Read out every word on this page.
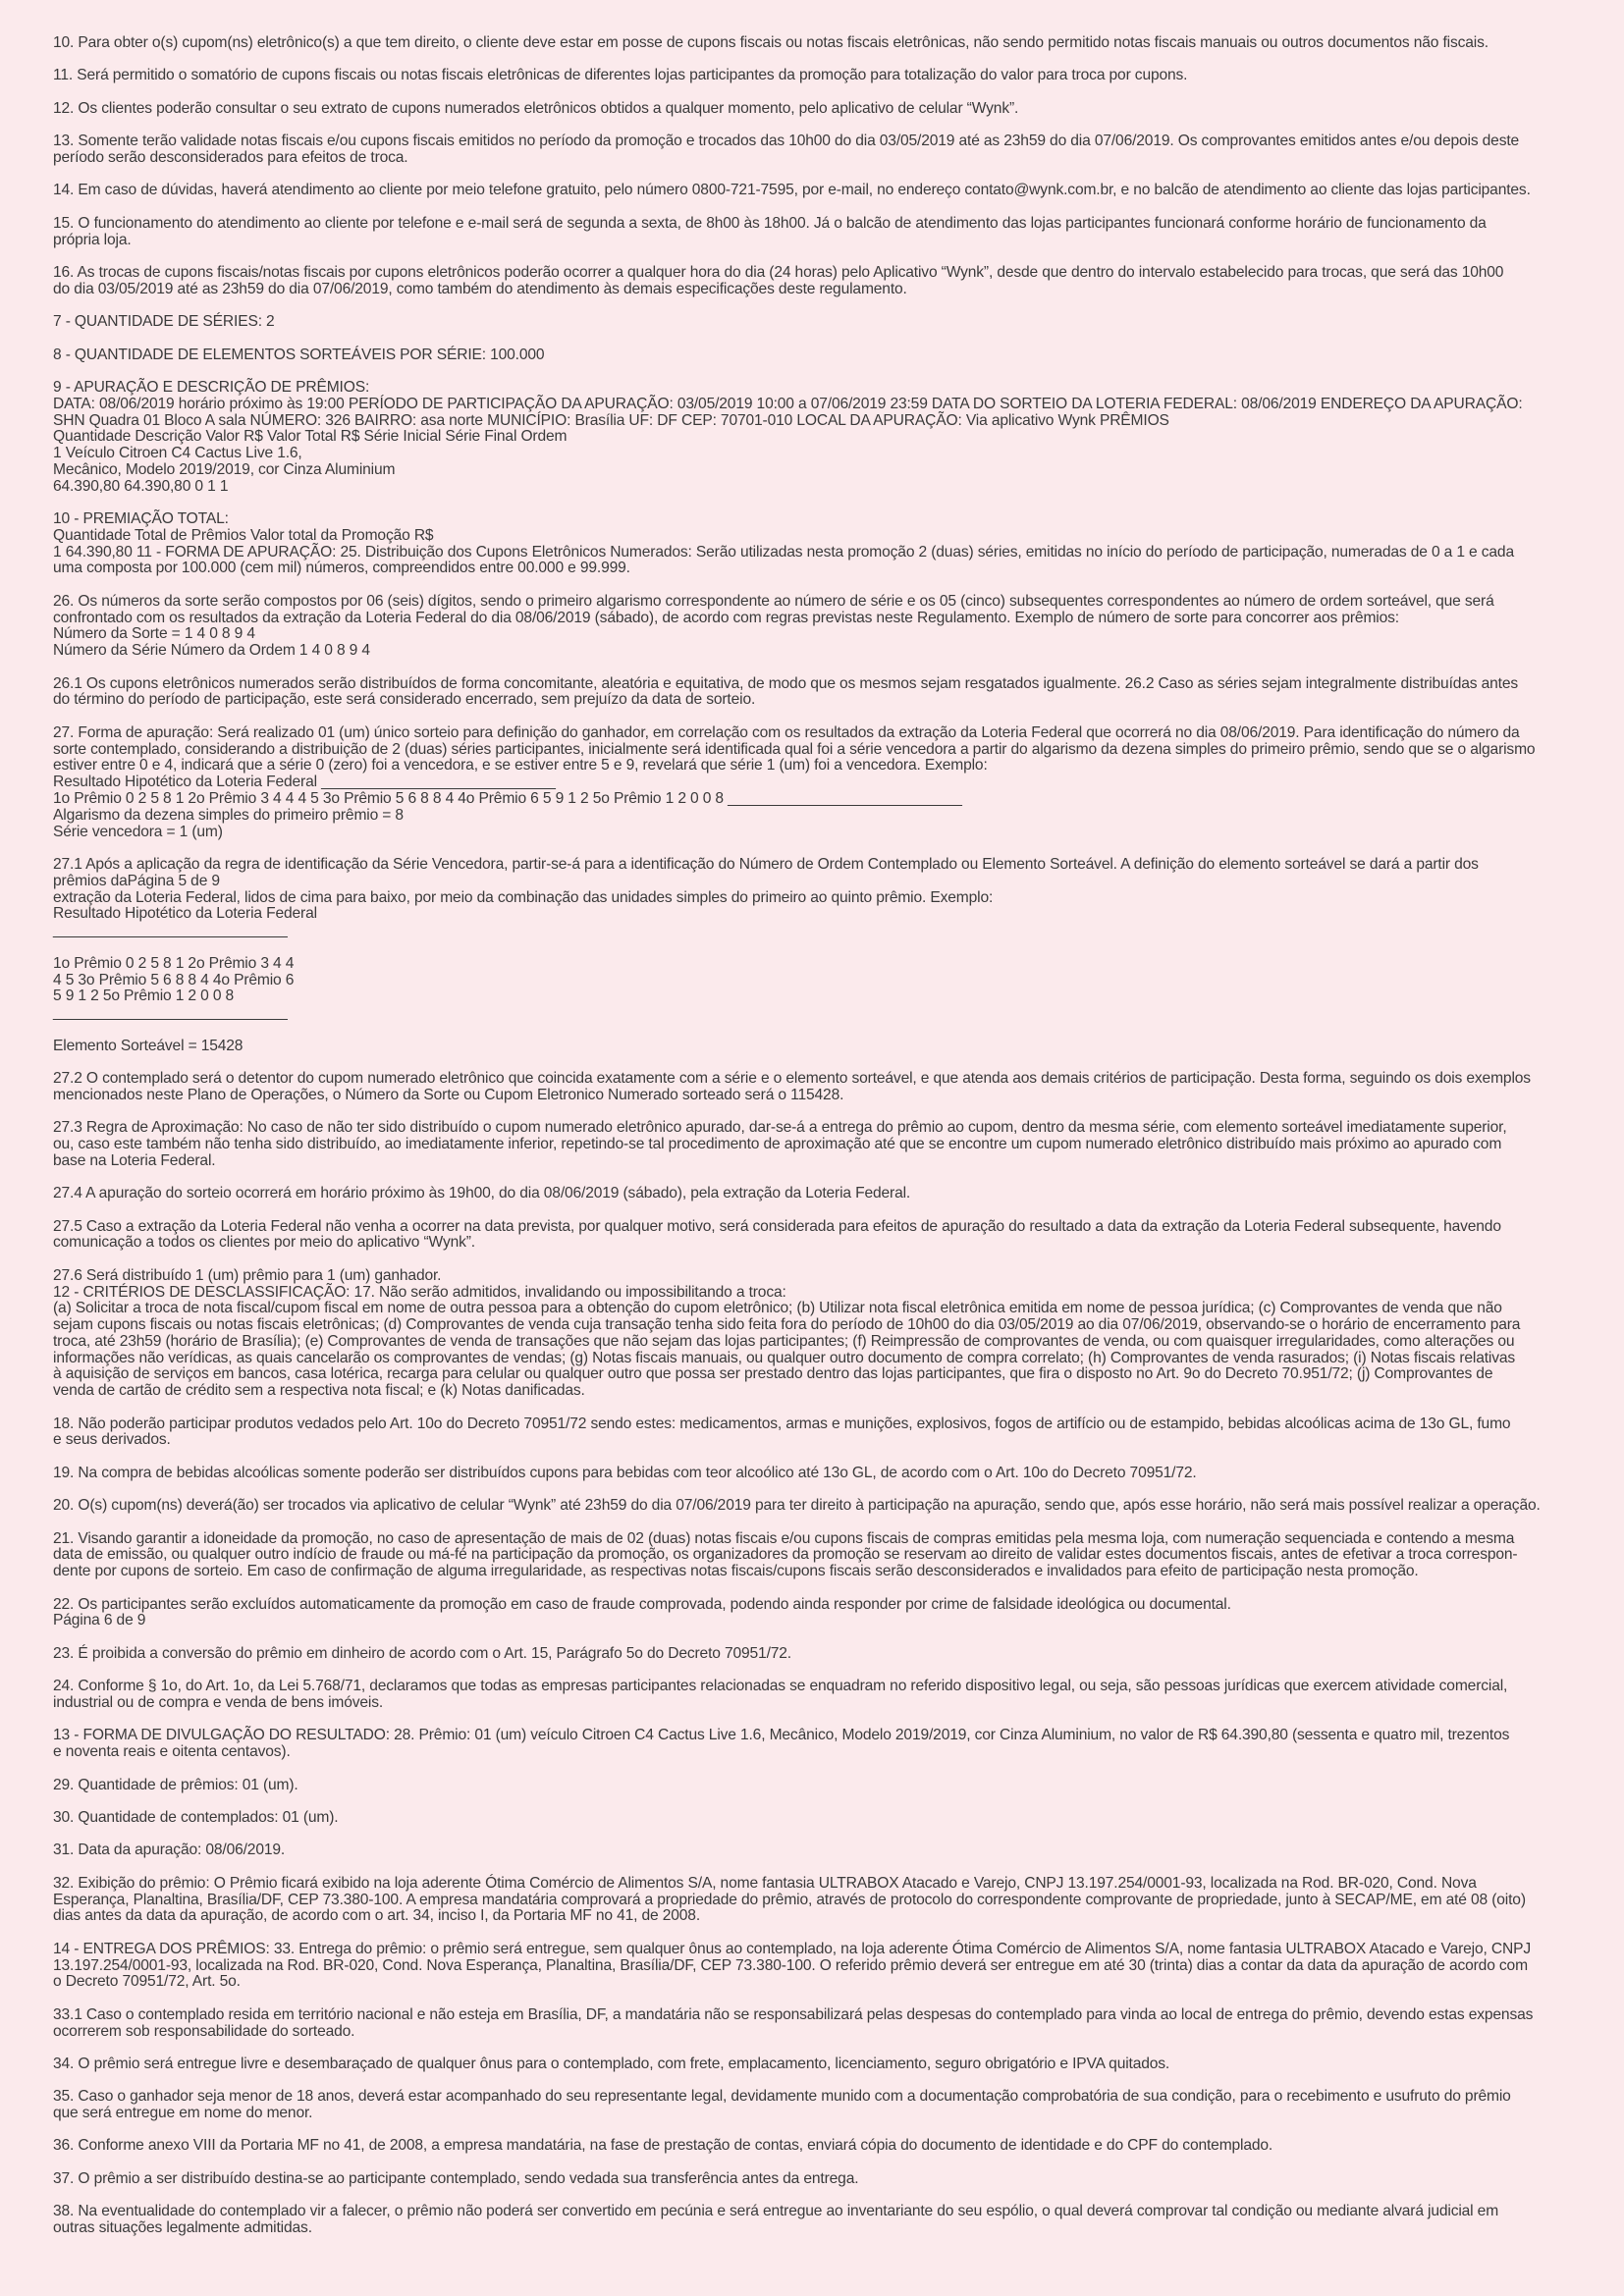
10. Para obter o(s) cupom(ns) eletrônico(s) a que tem direito, o cliente deve estar em posse de cupons fiscais ou notas fiscais eletrônicas, não sendo permitido notas fiscais manuais ou outros documentos não fiscais.
11. Será permitido o somatório de cupons fiscais ou notas fiscais eletrônicas de diferentes lojas participantes da promoção para totalização do valor para troca por cupons.
12. Os clientes poderão consultar o seu extrato de cupons numerados eletrônicos obtidos a qualquer momento, pelo aplicativo de celular “Wynk”.
13. Somente terão validade notas fiscais e/ou cupons fiscais emitidos no período da promoção e trocados das 10h00 do dia 03/05/2019 até as 23h59 do dia 07/06/2019. Os comprovantes emitidos antes e/ou depois deste
período serão desconsiderados para efeitos de troca.
14. Em caso de dúvidas, haverá atendimento ao cliente por meio telefone gratuito, pelo número 0800-721-7595, por e-mail, no endereço contato@wynk.com.br, e no balcão de atendimento ao cliente das lojas participantes.
15. O funcionamento do atendimento ao cliente por telefone e e-mail será de segunda a sexta, de 8h00 às 18h00. Já o balcão de atendimento das lojas participantes funcionará conforme horário de funcionamento da
própria loja.
16. As trocas de cupons fiscais/notas fiscais por cupons eletrônicos poderão ocorrer a qualquer hora do dia (24 horas) pelo Aplicativo “Wynk”, desde que dentro do intervalo estabelecido para trocas, que será das 10h00
do dia 03/05/2019 até as 23h59 do dia 07/06/2019, como também do atendimento às demais especificações deste regulamento.
7 - QUANTIDADE DE SÉRIES: 2
8 - QUANTIDADE DE ELEMENTOS SORTEÁVEIS POR SÉRIE: 100.000
9 - APURAÇÃO E DESCRIÇÃO DE PRÊMIOS:
DATA: 08/06/2019 horário próximo às 19:00 PERÍODO DE PARTICIPAÇÃO DA APURAÇÃO: 03/05/2019 10:00 a 07/06/2019 23:59 DATA DO SORTEIO DA LOTERIA FEDERAL: 08/06/2019 ENDEREÇO DA APURAÇÃO:
SHN Quadra 01 Bloco A sala NÚMERO: 326 BAIRRO: asa norte MUNICÍPIO: Brasília UF: DF CEP: 70701-010 LOCAL DA APURAÇÃO: Via aplicativo Wynk PRÊMIOS
Quantidade Descrição Valor R$ Valor Total R$ Série Inicial Série Final Ordem
1 Veículo Citroen C4 Cactus Live 1.6,
Mecânico, Modelo 2019/2019, cor Cinza Aluminium
64.390,80 64.390,80 0 1 1
10 - PREMIAÇÃO TOTAL:
Quantidade Total de Prêmios Valor total da Promoção R$
1 64.390,80 11 - FORMA DE APURAÇÃO: 25. Distribuição dos Cupons Eletrônicos Numerados: Serão utilizadas nesta promoção 2 (duas) séries, emitidas no início do período de participação, numeradas de 0 a 1 e cada
uma composta por 100.000 (cem mil) números, compreendidos entre 00.000 e 99.999.
26. Os números da sorte serão compostos por 06 (seis) dígitos, sendo o primeiro algarismo correspondente ao número de série e os 05 (cinco) subsequentes correspondentes ao número de ordem sorteável, que será
confrontado com os resultados da extração da Loteria Federal do dia 08/06/2019 (sábado), de acordo com regras previstas neste Regulamento. Exemplo de número de sorte para concorrer aos prêmios:
Número da Sorte = 1 4 0 8 9 4
Número da Série Número da Ordem 1 4 0 8 9 4
26.1 Os cupons eletrônicos numerados serão distribuídos de forma concomitante, aleatória e equitativa, de modo que os mesmos sejam resgatados igualmente. 26.2 Caso as séries sejam integralmente distribuídas antes
do término do período de participação, este será considerado encerrado, sem prejuízo da data de sorteio.
27. Forma de apuração: Será realizado 01 (um) único sorteio para definição do ganhador, em correlação com os resultados da extração da Loteria Federal que ocorrerá no dia 08/06/2019. Para identificação do número da
sorte contemplado, considerando a distribuição de 2 (duas) séries participantes, inicialmente será identificada qual foi a série vencedora a partir do algarismo da dezena simples do primeiro prêmio, sendo que se o algarismo
estiver entre 0 e 4, indicará que a série 0 (zero) foi a vencedora, e se estiver entre 5 e 9, revelará que série 1 (um) foi a vencedora. Exemplo:
Resultado Hipotético da Loteria Federal ____________________________
1o Prêmio 0 2 5 8 1 2o Prêmio 3 4 4 4 5 3o Prêmio 5 6 8 8 4 4o Prêmio 6 5 9 1 2 5o Prêmio 1 2 0 0 8 ____________________________
Algarismo da dezena simples do primeiro prêmio = 8
Série vencedora = 1 (um)
27.1 Após a aplicação da regra de identificação da Série Vencedora, partir-se-á para a identificação do Número de Ordem Contemplado ou Elemento Sorteável. A definição do elemento sorteável se dará a partir dos
prêmios daPágina 5 de 9
extração da Loteria Federal, lidos de cima para baixo, por meio da combinação das unidades simples do primeiro ao quinto prêmio. Exemplo:
Resultado Hipotético da Loteria Federal
____________________________

1o Prêmio 0 2 5 8 1 2o Prêmio 3 4 4
4 5 3o Prêmio 5 6 8 8 4 4o Prêmio 6
5 9 1 2 5o Prêmio 1 2 0 0 8
____________________________
Elemento Sorteável = 15428
27.2 O contemplado será o detentor do cupom numerado eletrônico que coincida exatamente com a série e o elemento sorteável, e que atenda aos demais critérios de participação. Desta forma, seguindo os dois exemplos
mencionados neste Plano de Operações, o Número da Sorte ou Cupom Eletronico Numerado sorteado será o 115428.
27.3 Regra de Aproximação: No caso de não ter sido distribuído o cupom numerado eletrônico apurado, dar-se-á a entrega do prêmio ao cupom, dentro da mesma série, com elemento sorteável imediatamente superior,
ou, caso este também não tenha sido distribuído, ao imediatamente inferior, repetindo-se tal procedimento de aproximação até que se encontre um cupom numerado eletrônico distribuído mais próximo ao apurado com
base na Loteria Federal.
27.4 A apuração do sorteio ocorrerá em horário próximo às 19h00, do dia 08/06/2019 (sábado), pela extração da Loteria Federal.
27.5 Caso a extração da Loteria Federal não venha a ocorrer na data prevista, por qualquer motivo, será considerada para efeitos de apuração do resultado a data da extração da Loteria Federal subsequente, havendo
comunicação a todos os clientes por meio do aplicativo “Wynk”.
27.6 Será distribuído 1 (um) prêmio para 1 (um) ganhador.
12 - CRITÉRIOS DE DESCLASSIFICAÇÃO: 17. Não serão admitidos, invalidando ou impossibilitando a troca:
(a) Solicitar a troca de nota fiscal/cupom fiscal em nome de outra pessoa para a obtenção do cupom eletrônico; (b) Utilizar nota fiscal eletrônica emitida em nome de pessoa jurídica; (c) Comprovantes de venda que não
sejam cupons fiscais ou notas fiscais eletrônicas; (d) Comprovantes de venda cuja transação tenha sido feita fora do período de 10h00 do dia 03/05/2019 ao dia 07/06/2019, observando-se o horário de encerramento para
troca, até 23h59 (horário de Brasília); (e) Comprovantes de venda de transações que não sejam das lojas participantes; (f) Reimpressão de comprovantes de venda, ou com quaisquer irregularidades, como alterações ou
informações não verídicas, as quais cancelarão os comprovantes de vendas; (g) Notas fiscais manuais, ou qualquer outro documento de compra correlato; (h) Comprovantes de venda rasurados; (i) Notas fiscais relativas
à aquisição de serviços em bancos, casa lotérica, recarga para celular ou qualquer outro que possa ser prestado dentro das lojas participantes, que fira o disposto no Art. 9o do Decreto 70.951/72; (j) Comprovantes de
venda de cartão de crédito sem a respectiva nota fiscal; e (k) Notas danificadas.
18. Não poderão participar produtos vedados pelo Art. 10o do Decreto 70951/72 sendo estes: medicamentos, armas e munições, explosivos, fogos de artifício ou de estampido, bebidas alcoólicas acima de 13o GL, fumo
e seus derivados.
19. Na compra de bebidas alcoólicas somente poderão ser distribuídos cupons para bebidas com teor alcoólico até 13o GL, de acordo com o Art. 10o do Decreto 70951/72.
20. O(s) cupom(ns) deverá(ão) ser trocados via aplicativo de celular “Wynk” até 23h59 do dia 07/06/2019 para ter direito à participação na apuração, sendo que, após esse horário, não será mais possível realizar a operação.
21. Visando garantir a idoneidade da promoção, no caso de apresentação de mais de 02 (duas) notas fiscais e/ou cupons fiscais de compras emitidas pela mesma loja, com numeração sequenciada e contendo a mesma
data de emissão, ou qualquer outro indício de fraude ou má-fé na participação da promoção, os organizadores da promoção se reservam ao direito de validar estes documentos fiscais, antes de efetivar a troca correspon-
dente por cupons de sorteio. Em caso de confirmação de alguma irregularidade, as respectivas notas fiscais/cupons fiscais serão desconsiderados e invalidados para efeito de participação nesta promoção.
22. Os participantes serão excluídos automaticamente da promoção em caso de fraude comprovada, podendo ainda responder por crime de falsidade ideológica ou documental.
Página 6 de 9
23. É proibida a conversão do prêmio em dinheiro de acordo com o Art. 15, Parágrafo 5o do Decreto 70951/72.
24. Conforme § 1o, do Art. 1o, da Lei 5.768/71, declaramos que todas as empresas participantes relacionadas se enquadram no referido dispositivo legal, ou seja, são pessoas jurídicas que exercem atividade comercial,
industrial ou de compra e venda de bens imóveis.
13 - FORMA DE DIVULGAÇÃO DO RESULTADO: 28. Prêmio: 01 (um) veículo Citroen C4 Cactus Live 1.6, Mecânico, Modelo 2019/2019, cor Cinza Aluminium, no valor de R$ 64.390,80 (sessenta e quatro mil, trezentos
e noventa reais e oitenta centavos).
29. Quantidade de prêmios: 01 (um).
30. Quantidade de contemplados: 01 (um).
31. Data da apuração: 08/06/2019.
32. Exibição do prêmio: O Prêmio ficará exibido na loja aderente Ótima Comércio de Alimentos S/A, nome fantasia ULTRABOX Atacado e Varejo, CNPJ 13.197.254/0001-93, localizada na Rod. BR-020, Cond. Nova
Esperança, Planaltina, Brasília/DF, CEP 73.380-100. A empresa mandatária comprovará a propriedade do prêmio, através de protocolo do correspondente comprovante de propriedade, junto à SECAP/ME, em até 08 (oito)
dias antes da data da apuração, de acordo com o art. 34, inciso I, da Portaria MF no 41, de 2008.
14 - ENTREGA DOS PRÊMIOS: 33. Entrega do prêmio: o prêmio será entregue, sem qualquer ônus ao contemplado, na loja aderente Ótima Comércio de Alimentos S/A, nome fantasia ULTRABOX Atacado e Varejo, CNPJ
13.197.254/0001-93, localizada na Rod. BR-020, Cond. Nova Esperança, Planaltina, Brasília/DF, CEP 73.380-100. O referido prêmio deverá ser entregue em até 30 (trinta) dias a contar da data da apuração de acordo com
o Decreto 70951/72, Art. 5o.
33.1 Caso o contemplado resida em território nacional e não esteja em Brasília, DF, a mandatária não se responsabilizará pelas despesas do contemplado para vinda ao local de entrega do prêmio, devendo estas expensas
ocorrerem sob responsabilidade do sorteado.
34. O prêmio será entregue livre e desembaraçado de qualquer ônus para o contemplado, com frete, emplacamento, licenciamento, seguro obrigatório e IPVA quitados.
35. Caso o ganhador seja menor de 18 anos, deverá estar acompanhado do seu representante legal, devidamente munido com a documentação comprobatória de sua condição, para o recebimento e usufruto do prêmio
que será entregue em nome do menor.
36. Conforme anexo VIII da Portaria MF no 41, de 2008, a empresa mandatária, na fase de prestação de contas, enviará cópia do documento de identidade e do CPF do contemplado.
37. O prêmio a ser distribuído destina-se ao participante contemplado, sendo vedada sua transferência antes da entrega.
38. Na eventualidade do contemplado vir a falecer, o prêmio não poderá ser convertido em pecúnia e será entregue ao inventariante do seu espólio, o qual deverá comprovar tal condição ou mediante alvará judicial em
outras situações legalmente admitidas.
